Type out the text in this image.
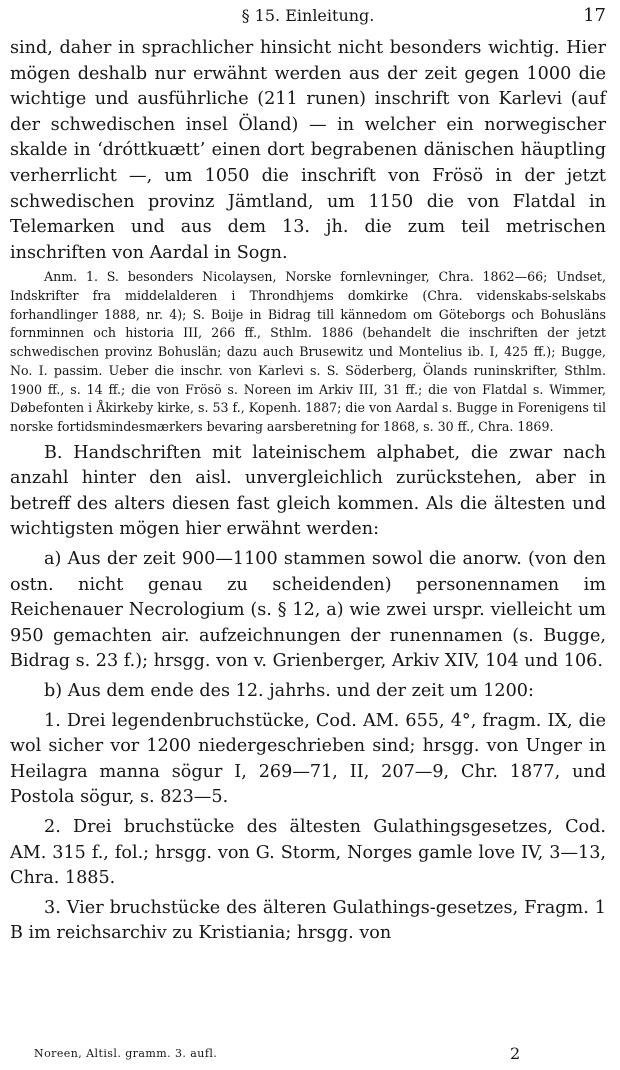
§ 15. Einleitung.	17

sind, daher in sprachlicher hinsicht nicht besonders wichtig. Hier mögen deshalb nur erwähnt werden aus der zeit gegen 1000 die wichtige und ausführliche (211 runen) inschrift von Karlevi (auf der schwedischen insel Öland) — in welcher ein norwegischer skalde in ‘dróttkuætt’ einen dort begrabenen dänischen häuptling verherrlicht —, um 1050 die inschrift von Frösö in der jetzt schwedischen provinz Jämtland, um 1150 die von Flatdal in Telemarken und aus dem 13. jh. die zum teil metrischen inschriften von Aardal in Sogn.

Anm. 1. S. besonders Nicolaysen, Norske fornlevninger, Chra. 1862—66; Undset, Indskrifter fra middelalderen i Throndhjems domkirke (Chra. videnskabs-selskabs forhandlinger 1888, nr. 4); S. Boije in Bidrag till kännedom om Göteborgs och Bohusläns fornminnen och historia III, 266 ff., Sthlm. 1886 (behandelt die inschriften der jetzt schwedischen provinz Bohuslän; dazu auch Brusewitz und Montelius ib. I, 425 ff.); Bugge, No. I. passim. Ueber die inschr. von Karlevi s. S. Söderberg, Ölands runinskrifter, Sthlm. 1900 ff., s. 14 ff.; die von Frösö s. Noreen im Arkiv III, 31 ff.; die von Flatdal s. Wimmer, Døbefonten i Åkirkeby kirke, s. 53 f., Kopenh. 1887; die von Aardal s. Bugge in Forenigens til norske fortidsmindesmærkers bevaring aarsberetning for 1868, s. 30 ff., Chra. 1869.

B. Handschriften mit lateinischem alphabet, die zwar nach anzahl hinter den aisl. unvergleichlich zurückstehen, aber in betreff des alters diesen fast gleich kommen. Als die ältesten und wichtigsten mögen hier erwähnt werden:

a) Aus der zeit 900—1100 stammen sowol die anorw. (von den ostn. nicht genau zu scheidenden) personennamen im Reichenauer Necrologium (s. § 12, a) wie zwei urspr. vielleicht um 950 gemachten air. aufzeichnungen der runennamen (s. Bugge, Bidrag s. 23 f.); hrsgg. von v. Grienberger, Arkiv XIV, 104 und 106.

b) Aus dem ende des 12. jahrhs. und der zeit um 1200:

1. Drei legendenbruchstücke, Cod. AM. 655, 4°, fragm. IX, die wol sicher vor 1200 niedergeschrieben sind; hrsgg. von Unger in Heilagra manna sögur I, 269—71, II, 207—9, Chr. 1877, und Postola sögur, s. 823—5.

2. Drei bruchstücke des ältesten Gulathingsgesetzes, Cod. AM. 315 f., fol.; hrsgg. von G. Storm, Norges gamle love IV, 3—13, Chra. 1885.

3. Vier bruchstücke des älteren Gulathings-gesetzes, Fragm. 1 B im reichsarchiv zu Kristiania; hrsgg. von

Noreen, Altisl. gramm. 3. aufl.	2
